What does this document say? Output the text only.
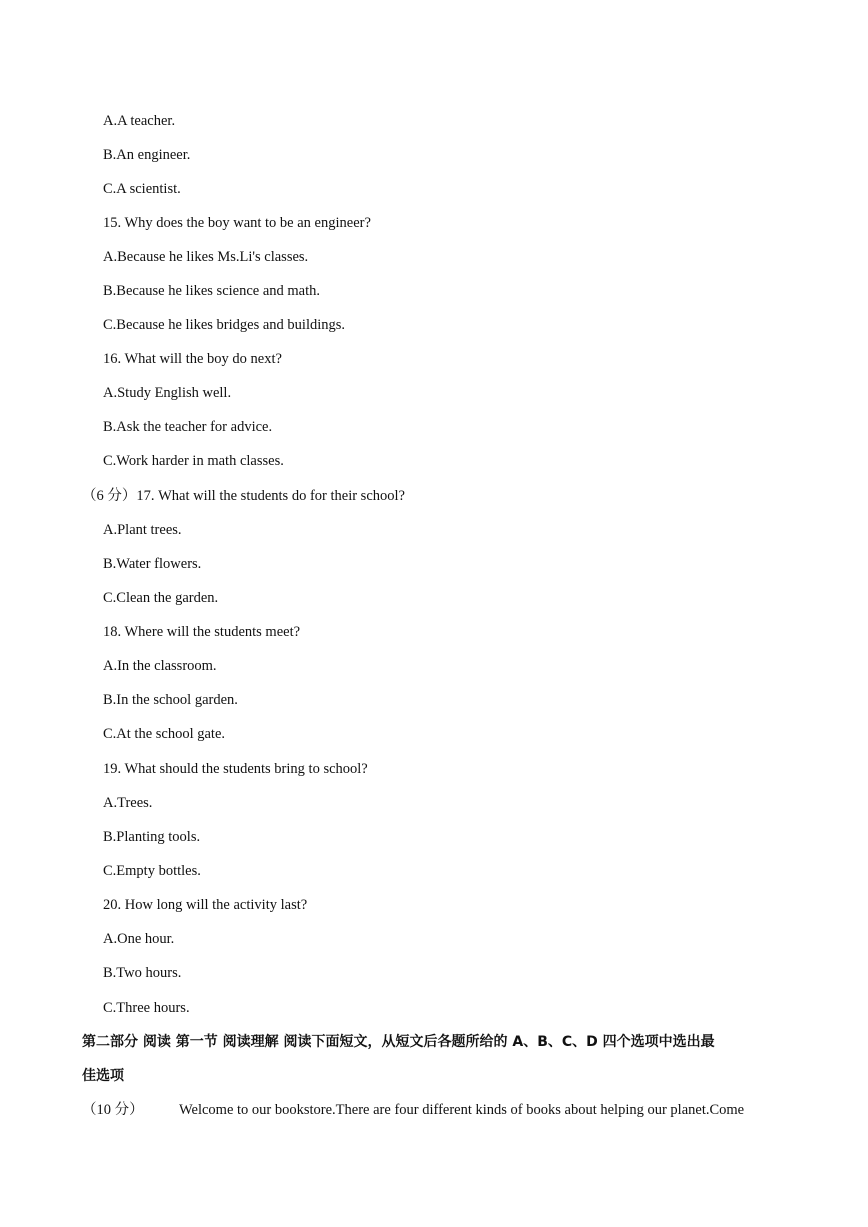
A.A teacher.
B.An engineer.
C.A scientist.
15. Why does the boy want to be an engineer?
A.Because he likes Ms.Li's classes.
B.Because he likes science and math.
C.Because he likes bridges and buildings.
16. What will the boy do next?
A.Study English well.
B.Ask the teacher for advice.
C.Work harder in math classes.
（6 分）17. What will the students do for their school?
A.Plant trees.
B.Water flowers.
C.Clean the garden.
18. Where will the students meet?
A.In the classroom.
B.In the school garden.
C.At the school gate.
19. What should the students bring to school?
A.Trees.
B.Planting tools.
C.Empty bottles.
20. How long will the activity last?
A.One hour.
B.Two hours.
C.Three hours.
第二部分 阅读 第一节 阅读理解 阅读下面短文，从短文后各题所给的 A、B、C、D 四个选项中选出最
佳选项
（10 分） Welcome to our bookstore.There are four different kinds of books about helping our planet.Come
